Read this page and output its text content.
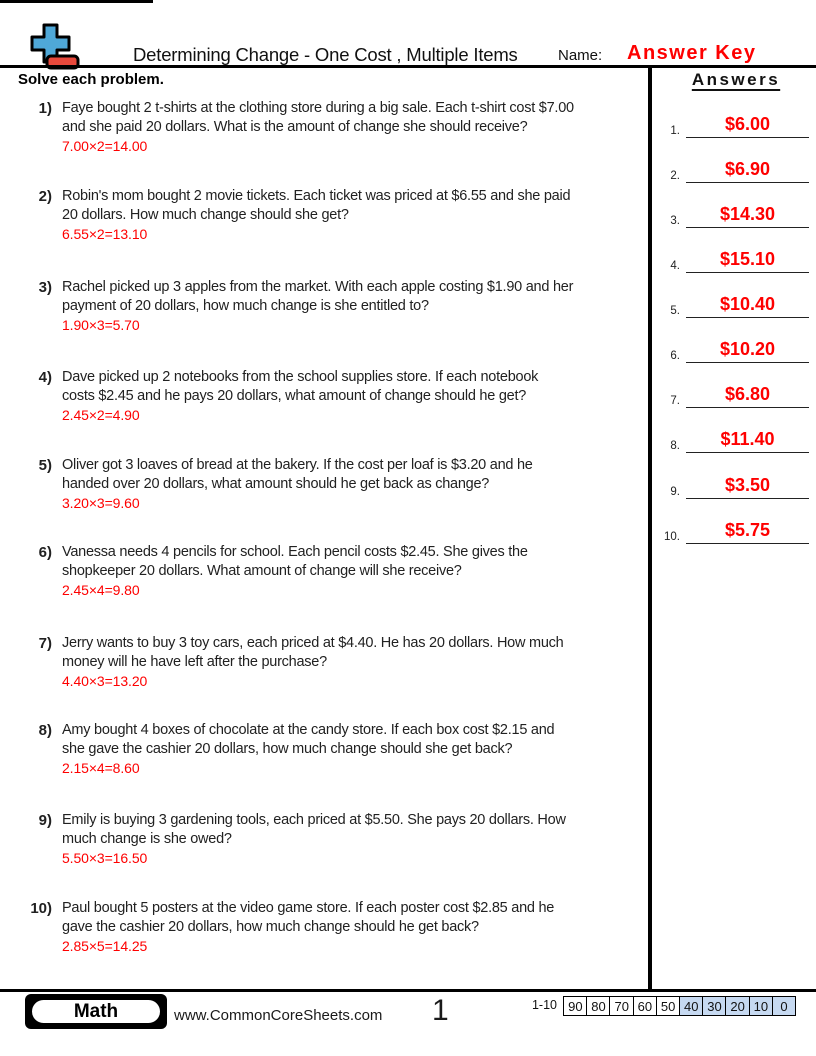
Determining Change - One Cost , Multiple Items	Name: Answer Key
Solve each problem.	Answers
1) Faye bought 2 t-shirts at the clothing store during a big sale. Each t-shirt cost $7.00
and she paid 20 dollars. What is the amount of change she should receive?
7.00×2=14.00
2) Robin's mom bought 2 movie tickets. Each ticket was priced at $6.55 and she paid
20 dollars. How much change should she get?
6.55×2=13.10
3) Rachel picked up 3 apples from the market. With each apple costing $1.90 and her
payment of 20 dollars, how much change is she entitled to?
1.90×3=5.70
4) Dave picked up 2 notebooks from the school supplies store. If each notebook
costs $2.45 and he pays 20 dollars, what amount of change should he get?
2.45×2=4.90
5) Oliver got 3 loaves of bread at the bakery. If the cost per loaf is $3.20 and he
handed over 20 dollars, what amount should he get back as change?
3.20×3=9.60
6) Vanessa needs 4 pencils for school. Each pencil costs $2.45. She gives the
shopkeeper 20 dollars. What amount of change will she receive?
2.45×4=9.80
7) Jerry wants to buy 3 toy cars, each priced at $4.40. He has 20 dollars. How much
money will he have left after the purchase?
4.40×3=13.20
8) Amy bought 4 boxes of chocolate at the candy store. If each box cost $2.15 and
she gave the cashier 20 dollars, how much change should she get back?
2.15×4=8.60
9) Emily is buying 3 gardening tools, each priced at $5.50. She pays 20 dollars. How
much change is she owed?
5.50×3=16.50
10) Paul bought 5 posters at the video game store. If each poster cost $2.85 and he
gave the cashier 20 dollars, how much change should he get back?
2.85×5=14.25
1.	$6.00
2.	$6.90
3.	$14.30
4.	$15.10
5.	$10.40
6.	$10.20
7.	$6.80
8.	$11.40
9.	$3.50
10.	$5.75
Math	www.CommonCoreSheets.com 1	1-10 90 80 70 60 50 40 30 20 10 0
